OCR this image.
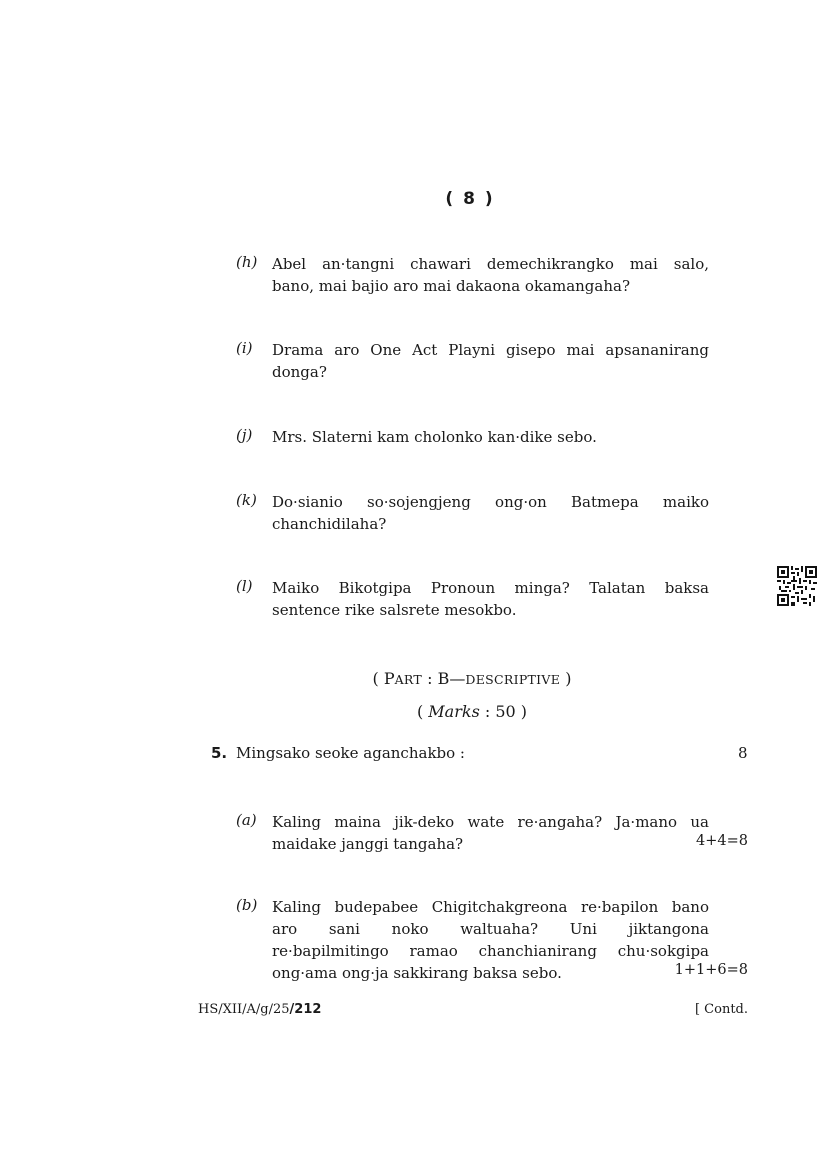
( 8 )
(h) Abel an·tangni chawari demechikrangko mai salo,
bano, mai bajio aro mai dakaona okamangaha?
(i) Drama aro One Act Playni gisepo mai apsananirang
donga?
(j) Mrs. Slaterni kam cholonko kan·dike sebo.
(k) Do·sianio so·sojengjeng ong·on Batmepa maiko
chanchidilaha?
(l) Maiko Bikotgipa Pronoun minga? Talatan baksa
sentence rike salsrete mesokbo.
( PART : B—DESCRIPTIVE )
( Marks : 50 )
5. Mingsako seoke aganchakbo :	8
(a) Kaling maina jik-deko wate re·angaha? Ja·mano ua
maidake janggi tangaha?	4+4=8
(b) Kaling budepabee Chigitchakgreona re·bapilon bano
aro sani noko waltuaha? Uni jiktangona
re·bapilmitingo ramao chanchianirang chu·sokgipa
ong·ama ong·ja sakkirang baksa sebo.	1+1+6=8
HS/XII/A/g/25/212	[ Contd.
